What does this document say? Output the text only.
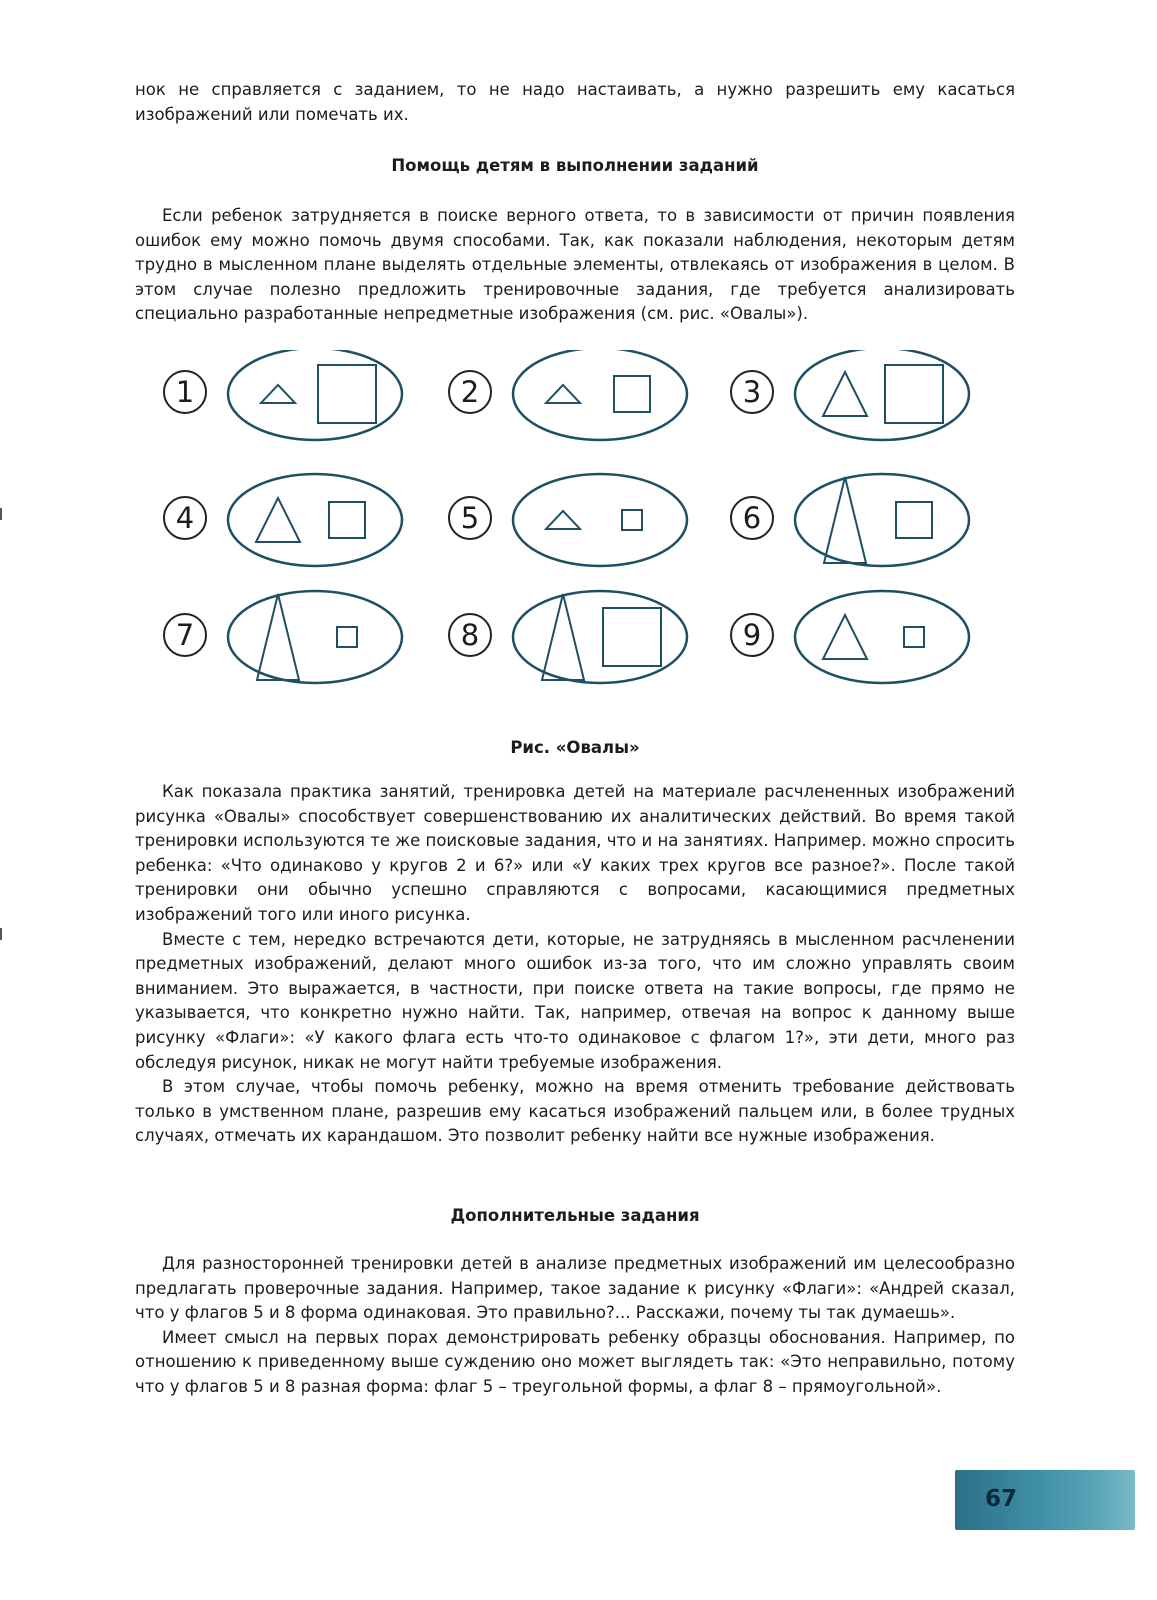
нок не справляется с заданием, то не надо настаивать, а нужно разрешить ему касаться изображений или помечать их.

Помощь детям в выполнении заданий

Если ребенок затрудняется в поиске верного ответа, то в зависимости от причин появления ошибок ему можно помочь двумя способами. Так, как показали наблюдения, некоторым детям трудно в мысленном плане выделять отдельные элементы, отвлекаясь от изображения в целом. В этом случае полезно предложить тренировочные задания, где требуется анализировать специально разработанные непредметные изображения (см. рис. «Овалы»).

1	2	3
4	5	6
7	8	9
Рис. «Овалы»

Как показала практика занятий, тренировка детей на материале расчлененных изображений рисунка «Овалы» способствует совершенствованию их аналитических действий. Во время такой тренировки используются те же поисковые задания, что и на занятиях. Например. можно спросить ребенка: «Что одинаково у кругов 2 и 6?» или «У каких трех кругов все разное?». После такой тренировки они обычно успешно справляются с вопросами, касающимися предметных изображений того или иного рисунка.

Вместе с тем, нередко встречаются дети, которые, не затрудняясь в мысленном расчленении предметных изображений, делают много ошибок из-за того, что им сложно управлять своим вниманием. Это выражается, в частности, при поиске ответа на такие вопросы, где прямо не указывается, что конкретно нужно найти. Так, например, отвечая на вопрос к данному выше рисунку «Флаги»: «У какого флага есть что-то одинаковое с флагом 1?», эти дети, много раз обследуя рисунок, никак не могут найти требуемые изображения.

В этом случае, чтобы помочь ребенку, можно на время отменить требование действовать только в умственном плане, разрешив ему касаться изображений пальцем или, в более трудных случаях, отмечать их карандашом. Это позволит ребенку найти все нужные изображения.

Дополнительные задания

Для разносторонней тренировки детей в анализе предметных изображений им целесообразно предлагать проверочные задания. Например, такое задание к рисунку «Флаги»: «Андрей сказал, что у флагов 5 и 8 форма одинаковая. Это правильно?... Расскажи, почему ты так думаешь».

Имеет смысл на первых порах демонстрировать ребенку образцы обоснования. Например, по отношению к приведенному выше суждению оно может выглядеть так: «Это неправильно, потому что у флагов 5 и 8 разная форма: флаг 5 – треугольной формы, а флаг 8 – прямоугольной».

67
